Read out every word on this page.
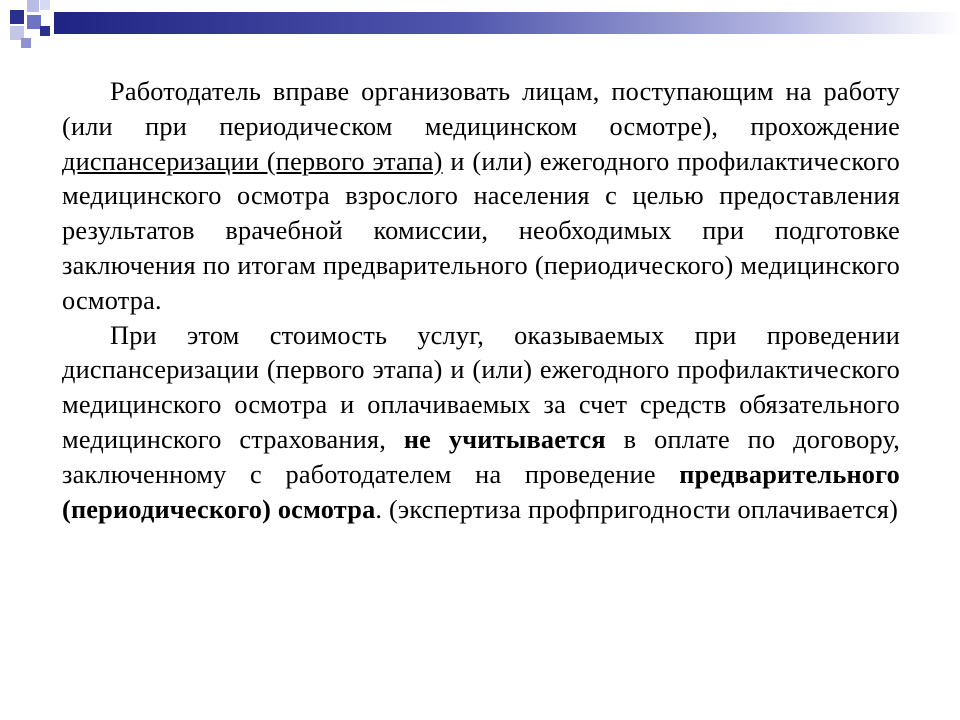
Работодатель вправе организовать лицам, поступающим на работу (или при периодическом медицинском осмотре), прохождение диспансеризации (первого этапа) и (или) ежегодного профилактического медицинского осмотра взрослого населения с целью предоставления результатов врачебной комиссии, необходимых при подготовке заключения по итогам предварительного (периодического) медицинского осмотра.

При этом стоимость услуг, оказываемых при проведении диспансеризации (первого этапа) и (или) ежегодного профилактического медицинского осмотра и оплачиваемых за счет средств обязательного медицинского страхования, не учитывается в оплате по договору, заключенному с работодателем на проведение предварительного (периодического) осмотра. (экспертиза профпригодности оплачивается)
